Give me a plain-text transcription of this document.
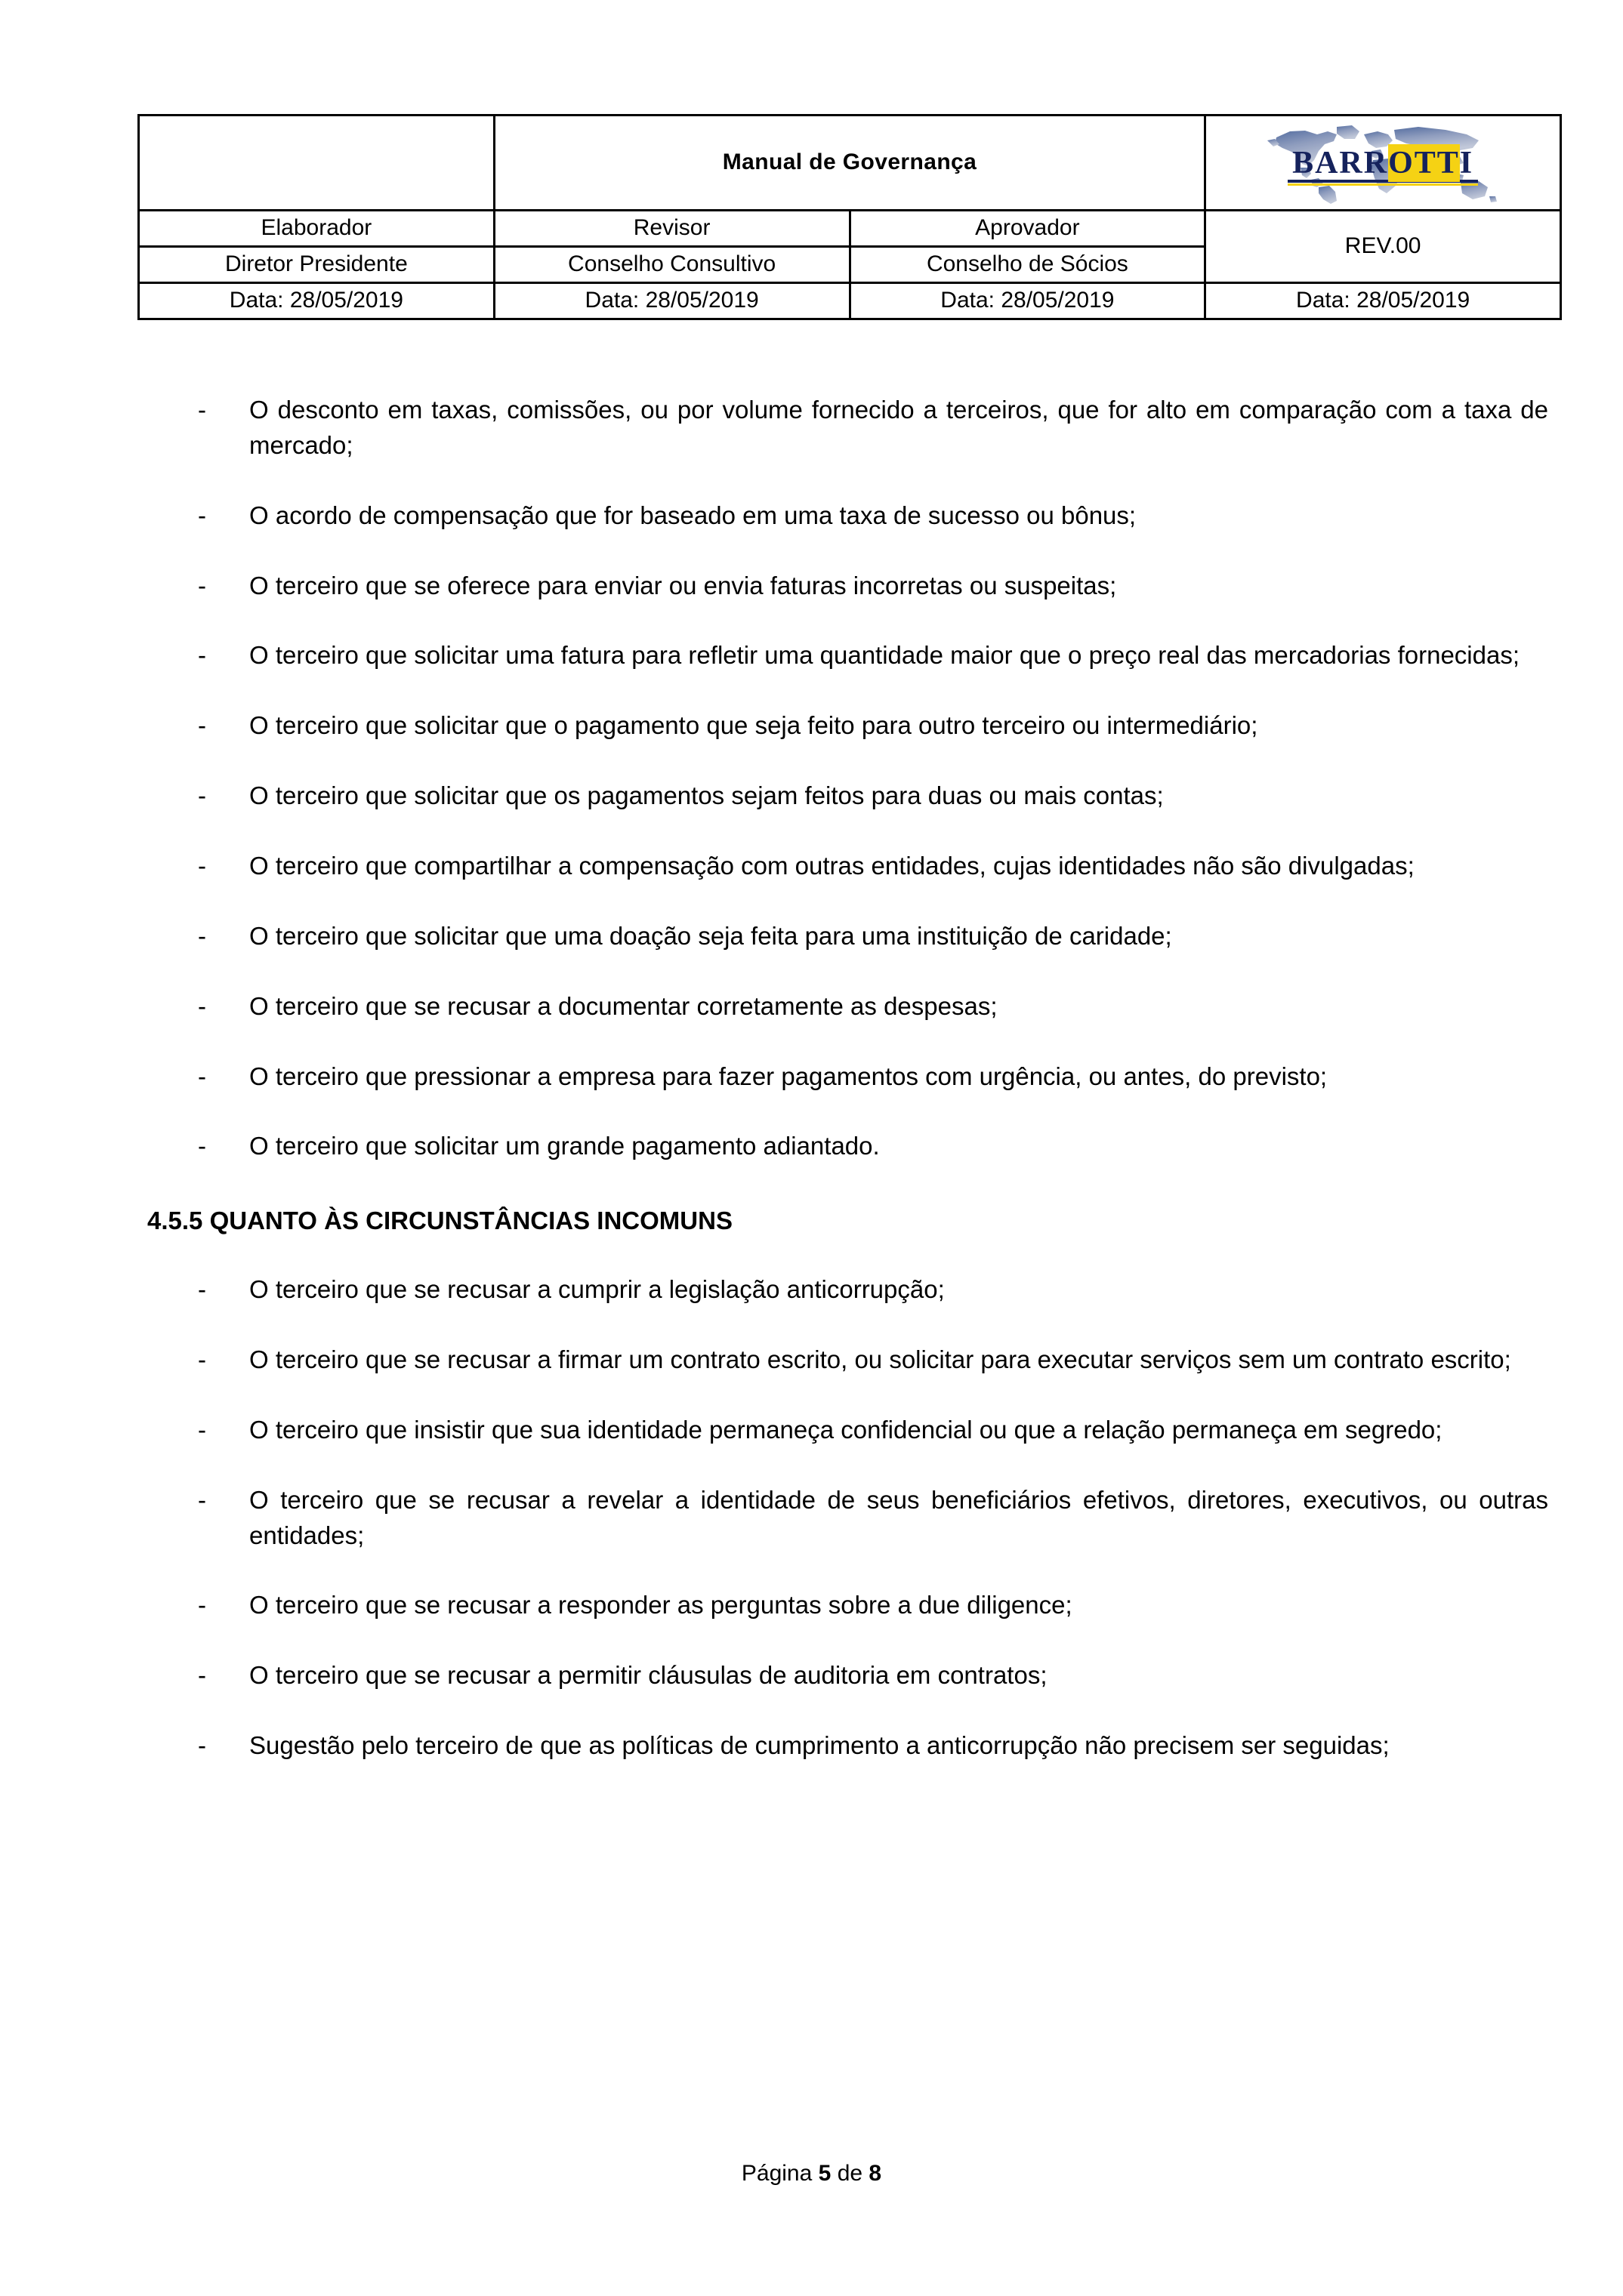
	Manual de Governança		BARROTTI

Elaborador	Revisor	Aprovador	REV.00
Diretor Presidente	Conselho Consultivo	Conselho de Sócios	
Data: 28/05/2019	Data: 28/05/2019	Data: 28/05/2019	Data: 28/05/2019

- O desconto em taxas, comissões, ou por volume fornecido a terceiros, que for alto em comparação com a taxa de mercado;

- O acordo de compensação que for baseado em uma taxa de sucesso ou bônus;

- O terceiro que se oferece para enviar ou envia faturas incorretas ou suspeitas;

- O terceiro que solicitar uma fatura para refletir uma quantidade maior que o preço real das mercadorias fornecidas;

- O terceiro que solicitar que o pagamento que seja feito para outro terceiro ou intermediário;

- O terceiro que solicitar que os pagamentos sejam feitos para duas ou mais contas;

- O terceiro que compartilhar a compensação com outras entidades, cujas identidades não são divulgadas;

- O terceiro que solicitar que uma doação seja feita para uma instituição de caridade;

- O terceiro que se recusar a documentar corretamente as despesas;

- O terceiro que pressionar a empresa para fazer pagamentos com urgência, ou antes, do previsto;

- O terceiro que solicitar um grande pagamento adiantado.

4.5.5 QUANTO ÀS CIRCUNSTÂNCIAS INCOMUNS

- O terceiro que se recusar a cumprir a legislação anticorrupção;

- O terceiro que se recusar a firmar um contrato escrito, ou solicitar para executar serviços sem um contrato escrito;

- O terceiro que insistir que sua identidade permaneça confidencial ou que a relação permaneça em segredo;

- O terceiro que se recusar a revelar a identidade de seus beneficiários efetivos, diretores, executivos, ou outras entidades;

- O terceiro que se recusar a responder as perguntas sobre a due diligence;

- O terceiro que se recusar a permitir cláusulas de auditoria em contratos;

- Sugestão pelo terceiro de que as políticas de cumprimento a anticorrupção não precisem ser seguidas;

Página 5 de 8
